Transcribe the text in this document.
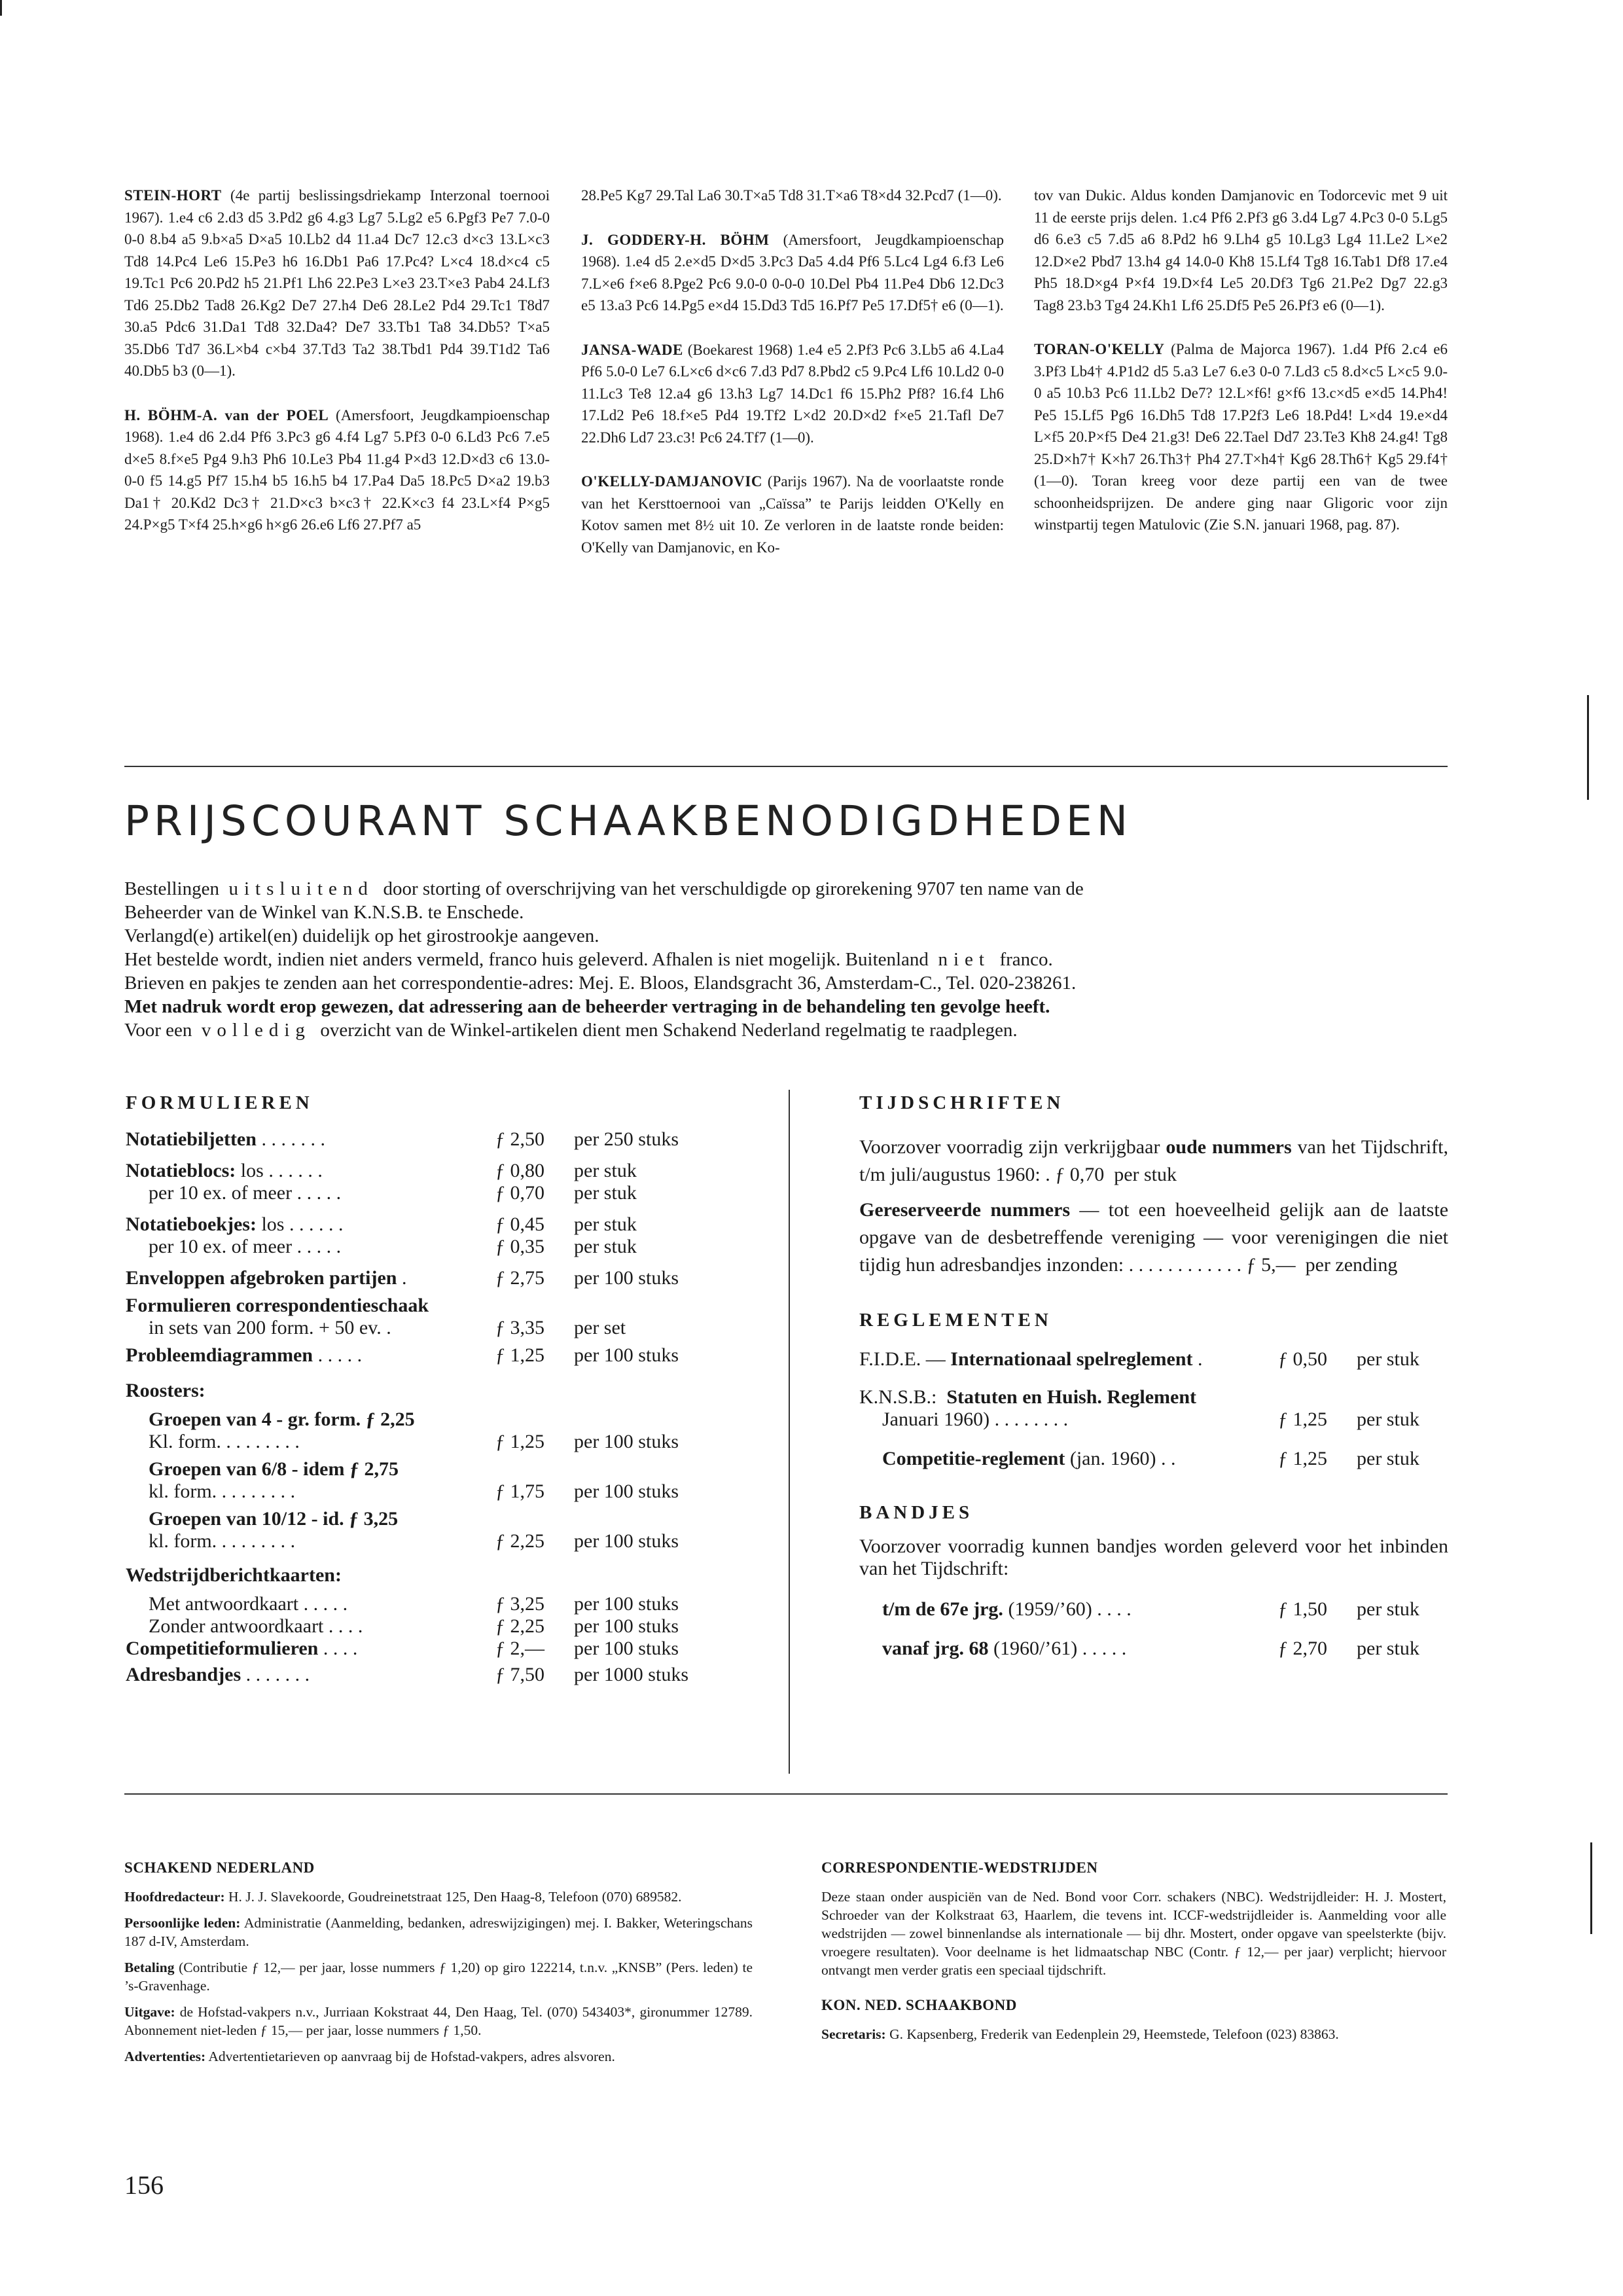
STEIN-HORT (4e partij beslissingsdriekamp Interzonal toernooi 1967). 1.e4 c6 2.d3 d5 3.Pd2 g6 4.g3 Lg7 5.Lg2 e5 6.Pgf3 Pe7 7.0-0 0-0 8.b4 a5 9.b×a5 D×a5 10.Lb2 d4 11.a4 Dc7 12.c3 d×c3 13.L×c3 Td8 14.Pc4 Le6 15.Pe3 h6 16.Db1 Pa6 17.Pc4? L×c4 18.d×c4 c5 19.Tc1 Pc6 20.Pd2 h5 21.Pf1 Lh6 22.Pe3 L×e3 23.T×e3 Pab4 24.Lf3 Td6 25.Db2 Tad8 26.Kg2 De7 27.h4 De6 28.Le2 Pd4 29.Tc1 T8d7 30.a5 Pdc6 31.Da1 Td8 32.Da4? De7 33.Tb1 Ta8 34.Db5? T×a5 35.Db6 Td7 36.L×b4 c×b4 37.Td3 Ta2 38.Tbd1 Pd4 39.T1d2 Ta6 40.Db5 b3 (0—1).

H. BÖHM-A. van der POEL (Amersfoort, Jeugdkampioenschap 1968). 1.e4 d6 2.d4 Pf6 3.Pc3 g6 4.f4 Lg7 5.Pf3 0-0 6.Ld3 Pc6 7.e5 d×e5 8.f×e5 Pg4 9.h3 Ph6 10.Le3 Pb4 11.g4 P×d3 12.D×d3 c6 13.0-0-0 f5 14.g5 Pf7 15.h4 b5 16.h5 b4 17.Pa4 Da5 18.Pc5 D×a2 19.b3 Da1† 20.Kd2 Dc3† 21.D×c3 b×c3† 22.K×c3 f4 23.L×f4 P×g5 24.P×g5 T×f4 25.h×g6 h×g6 26.e6 Lf6 27.Pf7 a5

28.Pe5 Kg7 29.Tal La6 30.T×a5 Td8 31.T×a6 T8×d4 32.Pcd7 (1—0).

J. GODDERY-H. BÖHM (Amersfoort, Jeugdkampioenschap 1968). 1.e4 d5 2.e×d5 D×d5 3.Pc3 Da5 4.d4 Pf6 5.Lc4 Lg4 6.f3 Le6 7.L×e6 f×e6 8.Pge2 Pc6 9.0-0 0-0-0 10.Del Pb4 11.Pe4 Db6 12.Dc3 e5 13.a3 Pc6 14.Pg5 e×d4 15.Dd3 Td5 16.Pf7 Pe5 17.Df5† e6 (0—1).

JANSA-WADE (Boekarest 1968) 1.e4 e5 2.Pf3 Pc6 3.Lb5 a6 4.La4 Pf6 5.0-0 Le7 6.L×c6 d×c6 7.d3 Pd7 8.Pbd2 c5 9.Pc4 Lf6 10.Ld2 0-0 11.Lc3 Te8 12.a4 g6 13.h3 Lg7 14.Dc1 f6 15.Ph2 Pf8? 16.f4 Lh6 17.Ld2 Pe6 18.f×e5 Pd4 19.Tf2 L×d2 20.D×d2 f×e5 21.Tafl De7 22.Dh6 Ld7 23.c3! Pc6 24.Tf7 (1—0).

O'KELLY-DAMJANOVIC (Parijs 1967). Na de voorlaatste ronde van het Kersttoernooi van „Caïssa” te Parijs leidden O'Kelly en Kotov samen met 8½ uit 10. Ze verloren in de laatste ronde beiden: O'Kelly van Damjanovic, en Ko-

tov van Dukic. Aldus konden Damjanovic en Todorcevic met 9 uit 11 de eerste prijs delen. 1.c4 Pf6 2.Pf3 g6 3.d4 Lg7 4.Pc3 0-0 5.Lg5 d6 6.e3 c5 7.d5 a6 8.Pd2 h6 9.Lh4 g5 10.Lg3 Lg4 11.Le2 L×e2 12.D×e2 Pbd7 13.h4 g4 14.0-0 Kh8 15.Lf4 Tg8 16.Tab1 Df8 17.e4 Ph5 18.D×g4 P×f4 19.D×f4 Le5 20.Df3 Tg6 21.Pe2 Dg7 22.g3 Tag8 23.b3 Tg4 24.Kh1 Lf6 25.Df5 Pe5 26.Pf3 e6 (0—1).

TORAN-O'KELLY (Palma de Majorca 1967). 1.d4 Pf6 2.c4 e6 3.Pf3 Lb4† 4.P1d2 d5 5.a3 Le7 6.e3 0-0 7.Ld3 c5 8.d×c5 L×c5 9.0-0 a5 10.b3 Pc6 11.Lb2 De7? 12.L×f6! g×f6 13.c×d5 e×d5 14.Ph4! Pe5 15.Lf5 Pg6 16.Dh5 Td8 17.P2f3 Le6 18.Pd4! L×d4 19.e×d4 L×f5 20.P×f5 De4 21.g3! De6 22.Tael Dd7 23.Te3 Kh8 24.g4! Tg8 25.D×h7† K×h7 26.Th3† Ph4 27.T×h4† Kg6 28.Th6† Kg5 29.f4† (1—0). Toran kreeg voor deze partij een van de twee schoonheidsprijzen. De andere ging naar Gligoric voor zijn winstpartij tegen Matulovic (Zie S.N. januari 1968, pag. 87).

PRIJSCOURANT SCHAAKBENODIGDHEDEN
Bestellingen uitsluitend door storting of overschrijving van het verschuldigde op girorekening 9707 ten name van de
Beheerder van de Winkel van K.N.S.B. te Enschede.
Verlangd(e) artikel(en) duidelijk op het girostrookje aangeven.
Het bestelde wordt, indien niet anders vermeld, franco huis geleverd. Afhalen is niet mogelijk. Buitenland niet franco.
Brieven en pakjes te zenden aan het correspondentie-adres: Mej. E. Bloos, Elandsgracht 36, Amsterdam-C., Tel. 020-238261.
Met nadruk wordt erop gewezen, dat adressering aan de beheerder vertraging in de behandeling ten gevolge heeft.
Voor een volledig overzicht van de Winkel-artikelen dient men Schakend Nederland regelmatig te raadplegen.
FORMULIEREN
Notatiebiljetten . . . . . . .	ƒ 2,50 per 250 stuks
Notatieblocs: los . . . . . .	ƒ 0,80 per stuk
per 10 ex. of meer . . . . .	ƒ 0,70 per stuk
Notatieboekjes: los . . . . . .	ƒ 0,45 per stuk
per 10 ex. of meer . . . . .	ƒ 0,35 per stuk
Enveloppen afgebroken partijen .	ƒ 2,75 per 100 stuks
Formulieren correspondentieschaak
in sets van 200 form. + 50 ev. .	ƒ 3,35 per set
Probleemdiagrammen . . . . .	ƒ 1,25 per 100 stuks
Roosters:
Groepen van 4 - gr. form. ƒ 2,25
Kl. form. . . . . . . . .	ƒ 1,25 per 100 stuks
Groepen van 6/8 - idem ƒ 2,75
kl. form. . . . . . . . .	ƒ 1,75 per 100 stuks
Groepen van 10/12 - id. ƒ 3,25
kl. form. . . . . . . . .	ƒ 2,25 per 100 stuks
Wedstrijdberichtkaarten:
Met antwoordkaart . . . . .	ƒ 3,25 per 100 stuks
Zonder antwoordkaart . . . .	ƒ 2,25 per 100 stuks
Competitieformulieren . . . .	ƒ 2,— per 100 stuks
Adresbandjes . . . . . . .	ƒ 7,50 per 1000 stuks
TIJDSCHRIFTEN
Voorzover voorradig zijn verkrijgbaar oude nummers van het Tijdschrift, t/m juli/augustus 1960: . ƒ 0,70 per stuk
Gereserveerde nummers — tot een hoeveelheid gelijk aan de laatste opgave van de desbetreffende vereniging — voor verenigingen die niet tijdig hun adresbandjes inzonden: . . . . . . . . . . . . ƒ 5,— per zending
REGLEMENTEN
F.I.D.E. — Internationaal spelreglement .	ƒ 0,50 per stuk
K.N.S.B.: Statuten en Huish. Reglement
Januari 1960) . . . . . . . .	ƒ 1,25 per stuk
Competitie-reglement (jan. 1960) . .	ƒ 1,25 per stuk
BANDJES
Voorzover voorradig kunnen bandjes worden geleverd voor het inbinden van het Tijdschrift:
t/m de 67e jrg. (1959/’60) . . . .	ƒ 1,50 per stuk
vanaf jrg. 68 (1960/’61) . . . . .	ƒ 2,70 per stuk
SCHAKEND NEDERLAND
Hoofdredacteur: H. J. J. Slavekoorde, Goudreinetstraat 125, Den Haag-8, Telefoon (070) 689582.
Persoonlijke leden: Administratie (Aanmelding, bedanken, adreswijzigingen) mej. I. Bakker, Weteringschans 187 d-IV, Amsterdam.
Betaling (Contributie ƒ 12,— per jaar, losse nummers ƒ 1,20) op giro 122214, t.n.v. „KNSB” (Pers. leden) te ’s-Gravenhage.
Uitgave: de Hofstad-vakpers n.v., Jurriaan Kokstraat 44, Den Haag, Tel. (070) 543403*, gironummer 12789. Abonnement niet-leden ƒ 15,— per jaar, losse nummers ƒ 1,50.
Advertenties: Advertentietarieven op aanvraag bij de Hofstad-vakpers, adres alsvoren.
CORRESPONDENTIE-WEDSTRIJDEN
Deze staan onder auspiciën van de Ned. Bond voor Corr. schakers (NBC). Wedstrijdleider: H. J. Mostert, Schroeder van der Kolkstraat 63, Haarlem, die tevens int. ICCF-wedstrijdleider is. Aanmelding voor alle wedstrijden — zowel binnenlandse als internationale — bij dhr. Mostert, onder opgave van speelsterkte (bijv. vroegere resultaten). Voor deelname is het lidmaatschap NBC (Contr. ƒ 12,— per jaar) verplicht; hiervoor ontvangt men verder gratis een speciaal tijdschrift.
KON. NED. SCHAAKBOND
Secretaris: G. Kapsenberg, Frederik van Eedenplein 29, Heemstede, Telefoon (023) 83863.
156
